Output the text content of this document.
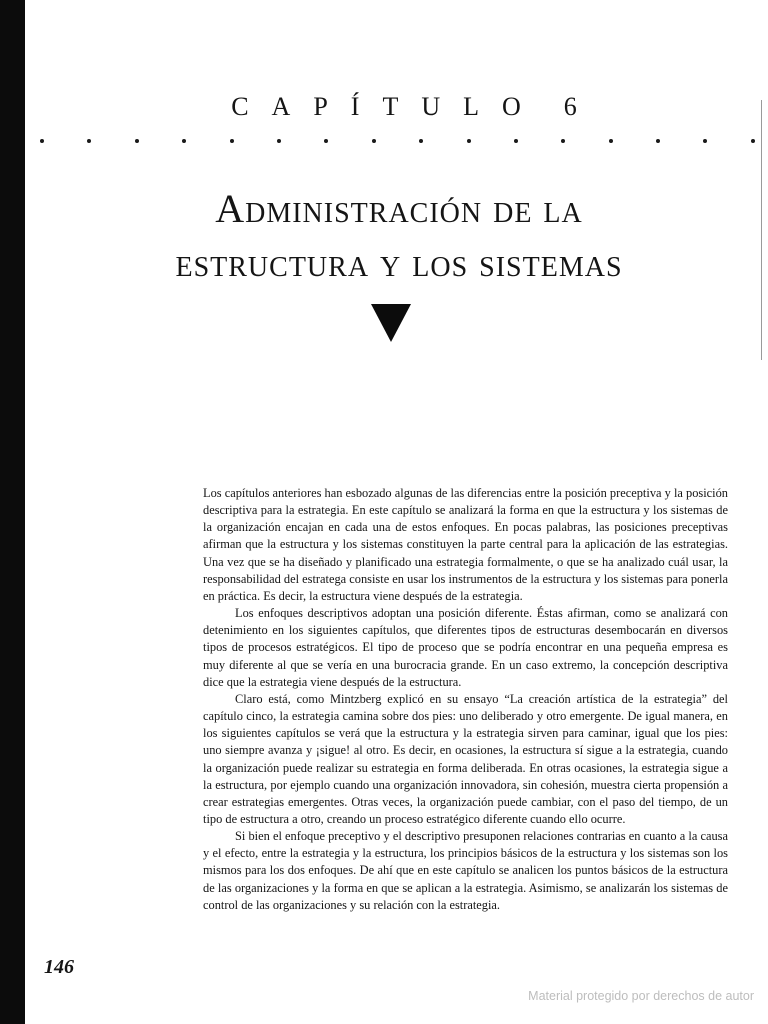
CAPÍTULO 6
Administración de la
estructura y los sistemas

Los capítulos anteriores han esbozado algunas de las diferencias entre la posición preceptiva y la posición descriptiva para la estrategia. En este capítulo se analizará la forma en que la estructura y los sistemas de la organización encajan en cada una de estos enfoques. En pocas palabras, las posiciones preceptivas afirman que la estructura y los sistemas constituyen la parte central para la aplicación de las estrategias. Una vez que se ha diseñado y planificado una estrategia formalmente, o que se ha analizado cuál usar, la responsabilidad del estratega consiste en usar los instrumentos de la estructura y los sistemas para ponerla en práctica. Es decir, la estructura viene después de la estrategia.

Los enfoques descriptivos adoptan una posición diferente. Éstas afirman, como se analizará con detenimiento en los siguientes capítulos, que diferentes tipos de estructuras desembocarán en diversos tipos de procesos estratégicos. El tipo de proceso que se podría encontrar en una pequeña empresa es muy diferente al que se vería en una burocracia grande. En un caso extremo, la concepción descriptiva dice que la estrategia viene después de la estructura.

Claro está, como Mintzberg explicó en su ensayo “La creación artística de la estrategia” del capítulo cinco, la estrategia camina sobre dos pies: uno deliberado y otro emergente. De igual manera, en los siguientes capítulos se verá que la estructura y la estrategia sirven para caminar, igual que los pies: uno siempre avanza y ¡sigue! al otro. Es decir, en ocasiones, la estructura sí sigue a la estrategia, cuando la organización puede realizar su estrategia en forma deliberada. En otras ocasiones, la estrategia sigue a la estructura, por ejemplo cuando una organización innovadora, sin cohesión, muestra cierta propensión a crear estrategias emergentes. Otras veces, la organización puede cambiar, con el paso del tiempo, de un tipo de estructura a otro, creando un proceso estratégico diferente cuando ello ocurre.

Si bien el enfoque preceptivo y el descriptivo presuponen relaciones contrarias en cuanto a la causa y el efecto, entre la estrategia y la estructura, los principios básicos de la estructura y los sistemas son los mismos para los dos enfoques. De ahí que en este capítulo se analicen los puntos básicos de la estructura de las organizaciones y la forma en que se aplican a la estrategia. Asimismo, se analizarán los sistemas de control de las organizaciones y su relación con la estrategia.

146
Material protegido por derechos de autor
